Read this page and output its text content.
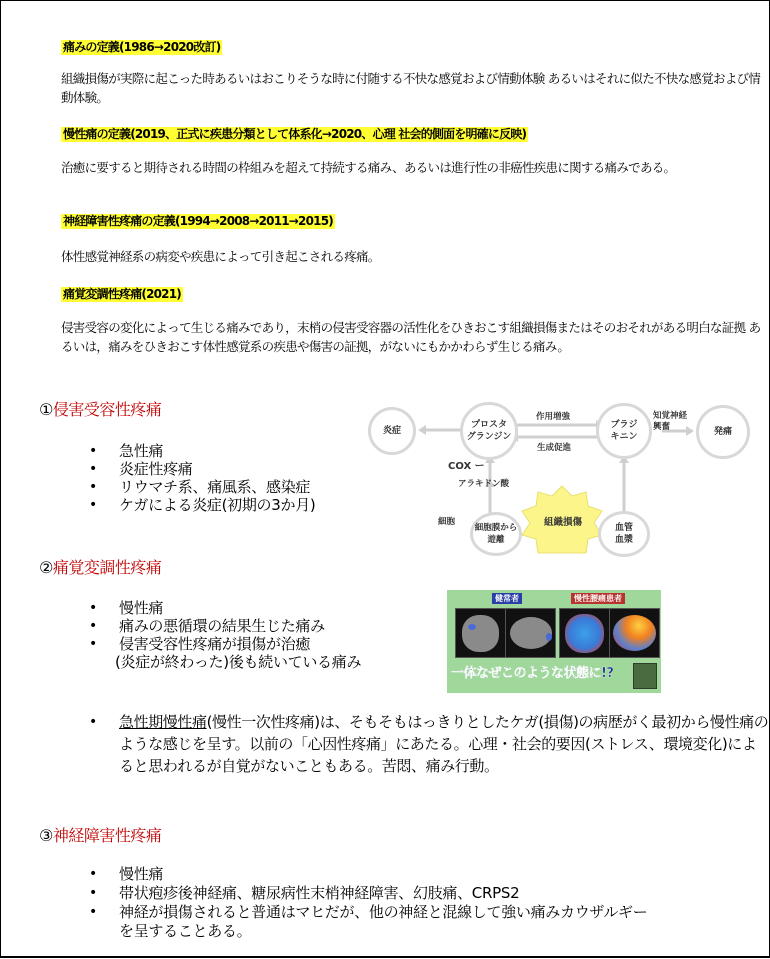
痛みの定義(1986→2020改訂)
組織損傷が実際に起こった時あるいはおこりそうな時に付随する不快な感覚および情動体験 あるいはそれに似た不快な感覚および情動体験。
慢性痛の定義(2019、正式に疾患分類として体系化→2020、心理 社会的側面を明確に反映)
治癒に要すると期待される時間の枠組みを超えて持続する痛み、あるいは進行性の非癌性疾患に関する痛みである。
神経障害性疼痛の定義(1994→2008→2011→2015)
体性感覚神経系の病変や疾患によって引き起こされる疼痛。
痛覚変調性疼痛(2021)
侵害受容の変化によって生じる痛みであり，末梢の侵害受容器の活性化をひきおこす組織損傷またはそのおそれがある明白な証拠 あるいは，痛みをひきおこす体性感覚系の疾患や傷害の証拠，がないにもかかわらず生じる痛み。
①侵害受容性疼痛
• 急性痛
• 炎症性疼痛
• リウマチ系、痛風系、感染症
• ケガによる炎症(初期の3か月)
炎症
プロスタ
グランジン
ブラジ
キニン	発痛
細胞膜から遊離
血管
血漿
組織損傷
作用増強
生成促進
知覚神経
興奮
COX ー
アラキドン酸
細胞
②痛覚変調性疼痛
• 慢性痛
• 痛みの悪循環の結果生じた痛み
• 侵害受容性疼痛が損傷が治癒
(炎症が終わった)後も続いている痛み
健常者	慢性腰痛患者
一体なぜこのような状態に!?
•	急性期慢性痛(慢性一次性疼痛)は、そもそもはっきりとしたケガ(損傷)の病歴がく最初から慢性痛のような感じを呈す。以前の「心因性疼痛」にあたる。心理・社会的要因(ストレス、環境変化)によると思われるが自覚がないこともある。苦悶、痛み行動。
③神経障害性疼痛
• 慢性痛
• 帯状疱疹後神経痛、糖尿病性末梢神経障害、幻肢痛、CRPS2
• 神経が損傷されると普通はマヒだが、他の神経と混線して強い痛みカウザルギー
を呈することある。
